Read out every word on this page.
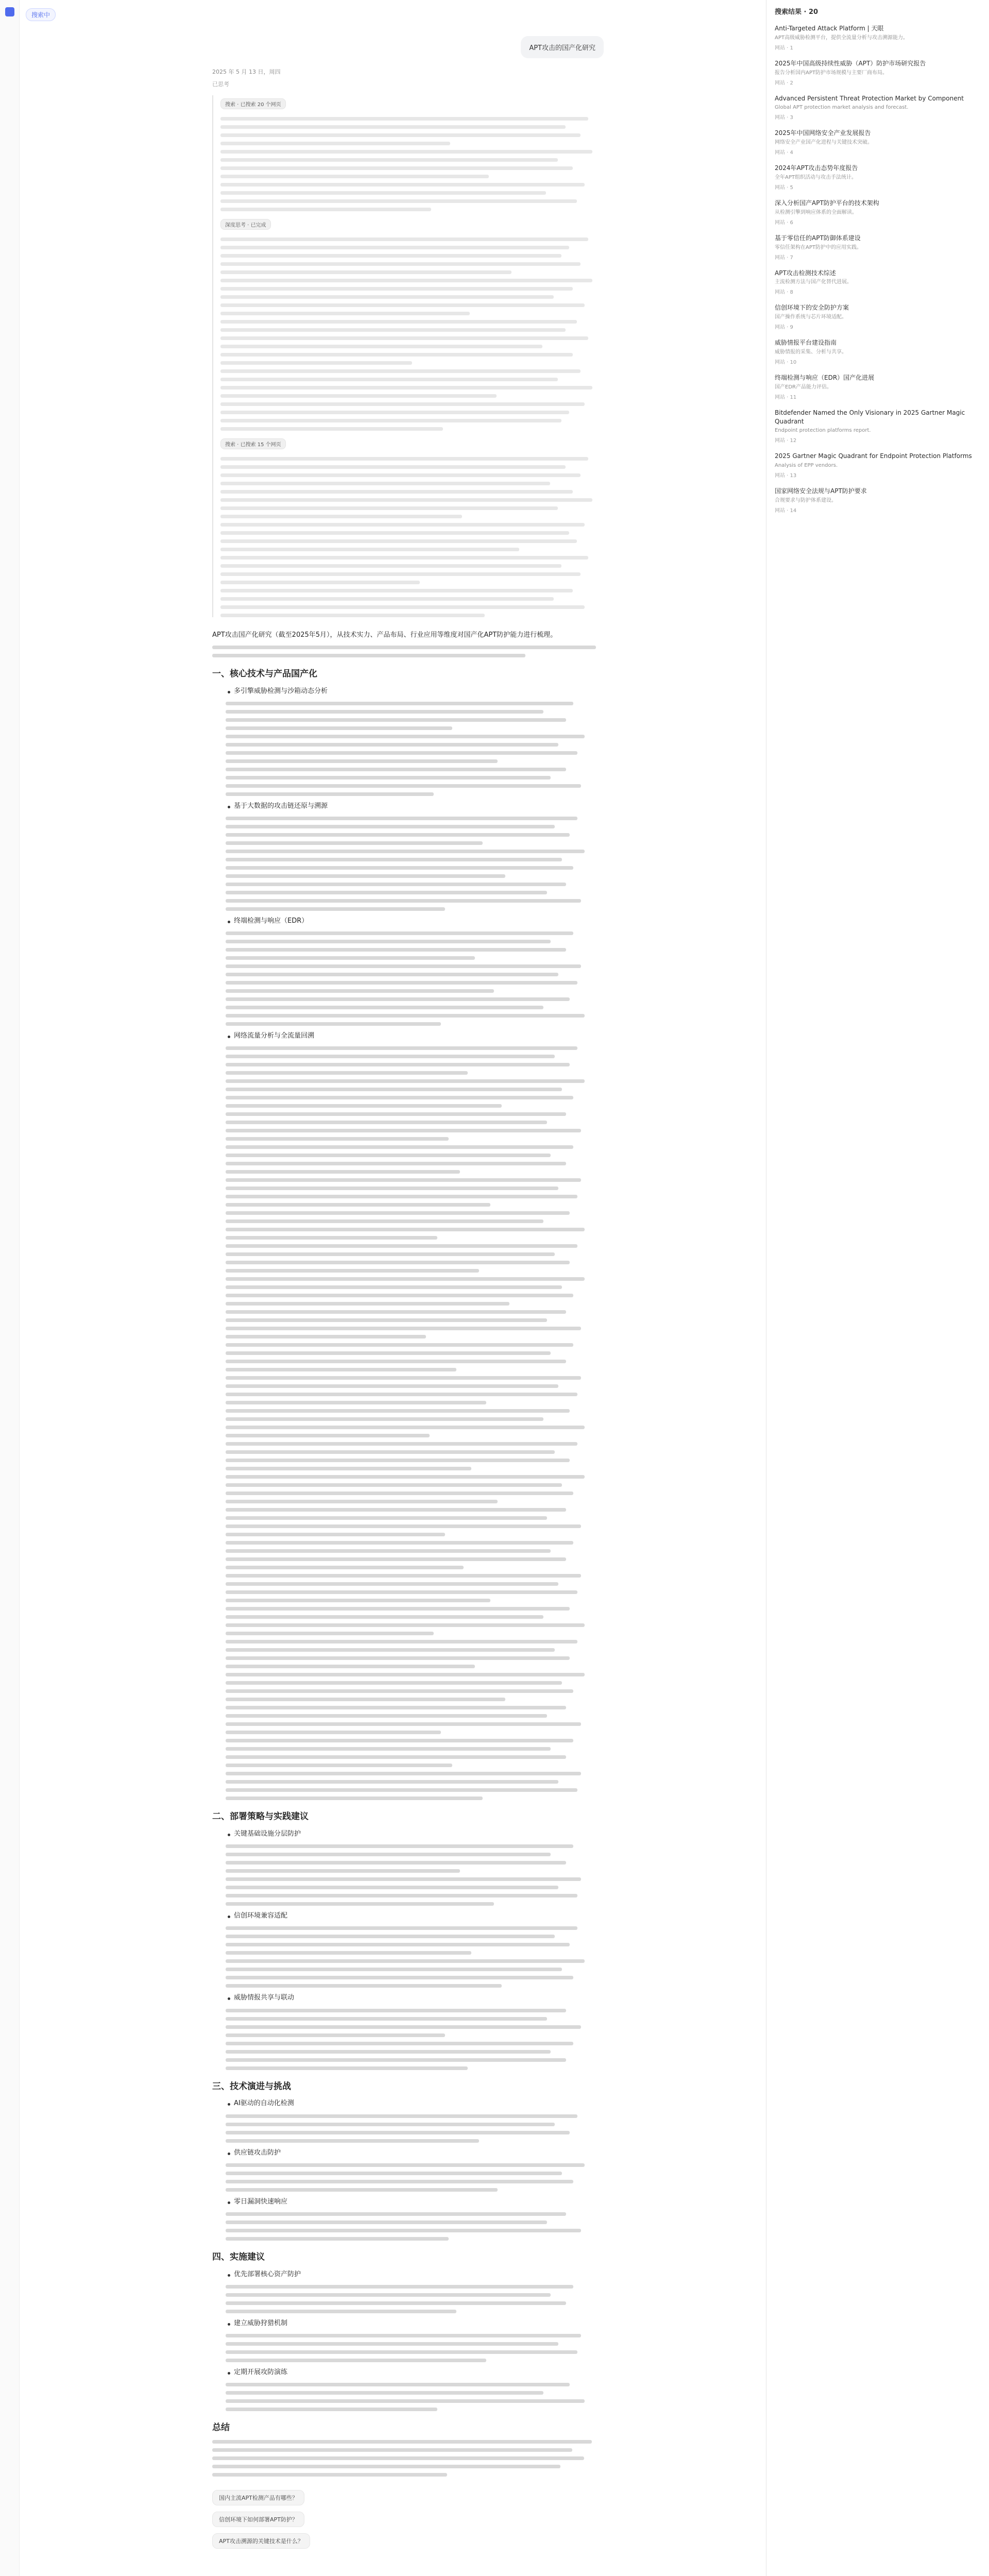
搜索中
APT攻击的国产化研究
2025 年 5 月 13 日，周四
已思考
搜索 · 已搜索 20 个网页
深度思考 · 已完成
搜索 · 已搜索 15 个网页

APT攻击国产化研究（截至2025年5月），从技术实力、产品布局、行业应用等维度对国产化APT防护能力进行梳理。

一、核心技术与产品国产化
多引擎威胁检测与沙箱动态分析
基于大数据的攻击链还原与溯源
终端检测与响应（EDR）
网络流量分析与全流量回溯
二、部署策略与实践建议
关键基础设施分层防护
信创环境兼容适配
威胁情报共享与联动
三、技术演进与挑战
AI驱动的自动化检测
供应链攻击防护
零日漏洞快速响应
四、实施建议
优先部署核心资产防护
建立威胁狩猎机制
定期开展攻防演练
总结
国内主流APT检测产品有哪些？
信创环境下如何部署APT防护？
APT攻击溯源的关键技术是什么？
搜索结果 · 20
Anti-Targeted Attack Platform | 天眼
APT高级威胁检测平台，提供全流量分析与攻击溯源能力。
网站 · 1
2025年中国高级持续性威胁（APT）防护市场研究报告
报告分析国内APT防护市场规模与主要厂商布局。
网站 · 2
Advanced Persistent Threat Protection Market by Component
Global APT protection market analysis and forecast.
网站 · 3
2025年中国网络安全产业发展报告
网络安全产业国产化进程与关键技术突破。
网站 · 4
2024年APT攻击态势年度报告
全年APT组织活动与攻击手法统计。
网站 · 5
深入分析国产APT防护平台的技术架构
从检测引擎到响应体系的全面解读。
网站 · 6
基于零信任的APT防御体系建设
零信任架构在APT防护中的应用实践。
网站 · 7
APT攻击检测技术综述
主流检测方法与国产化替代进展。
网站 · 8
信创环境下的安全防护方案
国产操作系统与芯片环境适配。
网站 · 9
威胁情报平台建设指南
威胁情报的采集、分析与共享。
网站 · 10
终端检测与响应（EDR）国产化进展
国产EDR产品能力评估。
网站 · 11
Bitdefender Named the Only Visionary in 2025 Gartner Magic Quadrant
Endpoint protection platforms report.
网站 · 12
2025 Gartner Magic Quadrant for Endpoint Protection Platforms
Analysis of EPP vendors.
网站 · 13
国家网络安全法规与APT防护要求
合规要求与防护体系建设。
网站 · 14
